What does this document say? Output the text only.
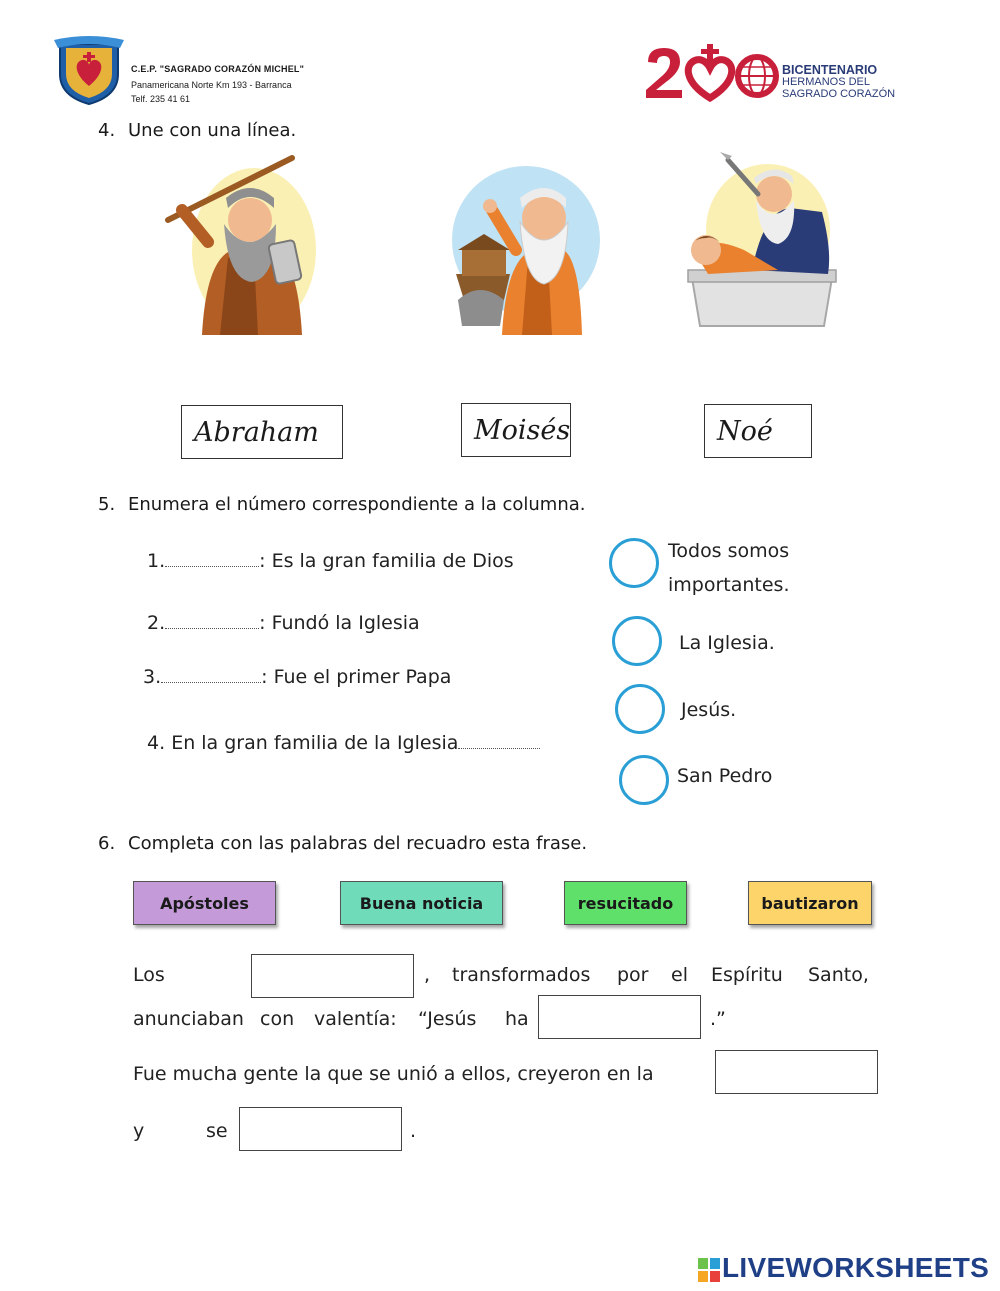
C.E.P. "SAGRADO CORAZÓN MICHEL"
Panamericana Norte Km 193 - Barranca
Telf. 235 41 61
BICENTENARIO
HERMANOS DEL
SAGRADO CORAZÓN
4. Une con una línea.
Abraham	Moisés	Noé
5. Enumera el número correspondiente a la columna.
1.	: Es la gran familia de Dios
2.	: Fundó la Iglesia
3.	: Fue el primer Papa
4. En la gran familia de la Iglesia
Todos somos
importantes.
La Iglesia.
Jesús.
San Pedro
6. Completa con las palabras del recuadro esta frase.
Apóstoles	Buena noticia	resucitado	bautizaron
Los	, transformados por el Espíritu Santo,
anunciaban con valentía: “Jesús ha	.”
Fue mucha gente la que se unió a ellos, creyeron en la
y	se	.
LIVEWORKSHEETS
